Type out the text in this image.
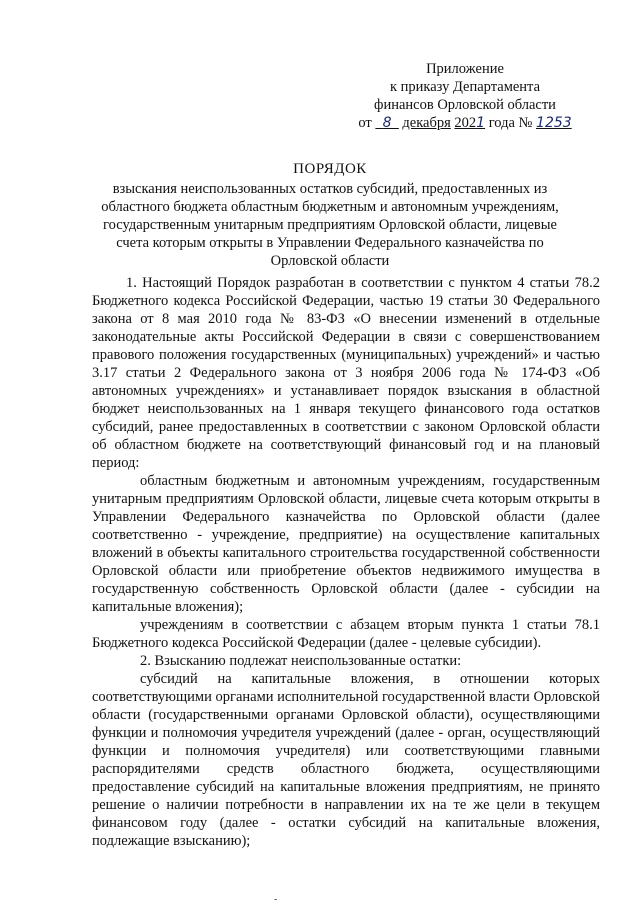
Приложение
к приказу Департамента
финансов Орловской области
от 8 декабря 2021 года № 1253
ПОРЯДОК
взыскания неиспользованных остатков субсидий, предоставленных из областного бюджета областным бюджетным и автономным учреждениям, государственным унитарным предприятиям Орловской области, лицевые счета которым открыты в Управлении Федерального казначейства по Орловской области

1. Настоящий Порядок разработан в соответствии с пунктом 4 статьи 78.2 Бюджетного кодекса Российской Федерации, частью 19 статьи 30 Федерального закона от 8 мая 2010 года № 83-ФЗ «О внесении изменений в отдельные законодательные акты Российской Федерации в связи с совершенствованием правового положения государственных (муниципальных) учреждений» и частью 3.17 статьи 2 Федерального закона от 3 ноября 2006 года № 174-ФЗ «Об автономных учреждениях» и устанавливает порядок взыскания в областной бюджет неиспользованных на 1 января текущего финансового года остатков субсидий, ранее предоставленных в соответствии с законом Орловской области об областном бюджете на соответствующий финансовый год и на плановый период:

областным бюджетным и автономным учреждениям, государственным унитарным предприятиям Орловской области, лицевые счета которым открыты в Управлении Федерального казначейства по Орловской области (далее соответственно - учреждение, предприятие) на осуществление капитальных вложений в объекты капитального строительства государственной собственности Орловской области или приобретение объектов недвижимого имущества в государственную собственность Орловской области (далее - субсидии на капитальные вложения);

учреждениям в соответствии с абзацем вторым пункта 1 статьи 78.1 Бюджетного кодекса Российской Федерации (далее - целевые субсидии).

2. Взысканию подлежат неиспользованные остатки:

субсидий на капитальные вложения, в отношении которых соответствующими органами исполнительной государственной власти Орловской области (государственными органами Орловской области), осуществляющими функции и полномочия учредителя учреждений (далее - орган, осуществляющий функции и полномочия учредителя) или соответствующими главными распорядителями средств областного бюджета, осуществляющими предоставление субсидий на капитальные вложения предприятиям, не принято решение о наличии потребности в направлении их на те же цели в текущем финансовом году (далее - остатки субсидий на капитальные вложения, подлежащие взысканию);

-
